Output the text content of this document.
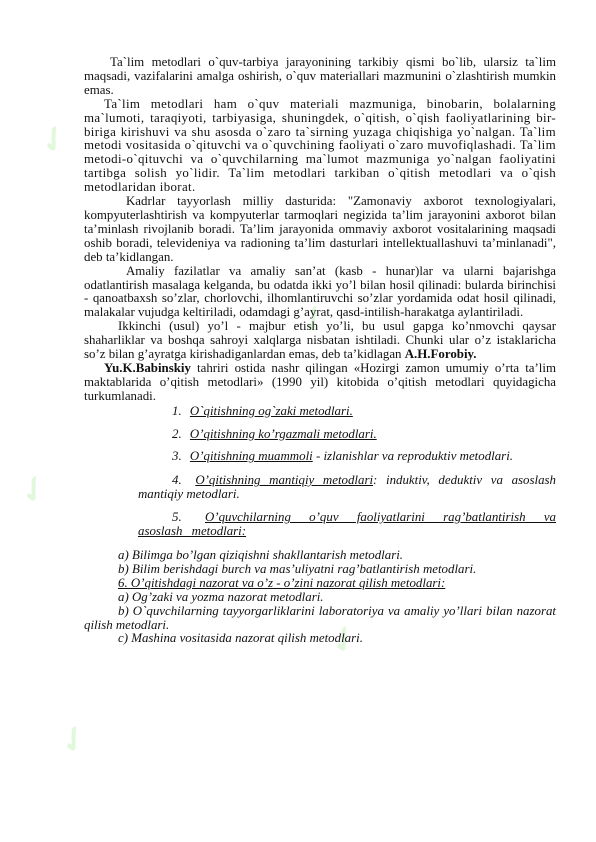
✓
✓
✓
✓
✓

Ta`lim metodlari o`quv-tarbiya jarayonining tarkibiy qismi bo`lib, ularsiz ta`lim maqsadi, vazifalarini amalga oshirish, o`quv materiallari mazmunini o`zlashtirish mumkin emas.

Ta`lim metodlari ham o`quv materiali mazmuniga, binobarin, bolalarning ma`lumoti, taraqiyoti, tarbiyasiga, shuningdek, o`qitish, o`qish faoliyatlarining bir-biriga kirishuvi va shu asosda o`zaro ta`sirning yuzaga chiqishiga yo`nalgan. Ta`lim metodi vositasida o`qituvchi va o`quvchining faoliyati o`zaro muvofiqlashadi. Ta`lim metodi-o`qituvchi va o`quvchilarning ma`lumot mazmuniga yo`nalgan faoliyatini tartibga solish yo`lidir. Ta`lim metodlari tarkiban o`qitish metodlari va o`qish metodlaridan iborat.

Kadrlar tayyorlash milliy dasturida: "Zamonaviy axborot texnologiyalari, kompyuterlashtirish va kompyuterlar tarmoqlari negizida ta’lim jarayonini axborot bilan ta’minlash rivojlanib boradi. Ta’lim jarayonida ommaviy axborot vositalarining maqsadi oshib boradi, televideniya va radioning ta’lim dasturlari intellektuallashuvi ta’minlanadi", deb ta’kidlangan.

Amaliy fazilatlar va amaliy san’at (kasb - hunar)lar va ularni bajarishga odatlantirish masalaga kelganda, bu odatda ikki yo’l bilan hosil qilinadi: bularda birinchisi - qanoatbaxsh so’zlar, chorlovchi, ilhomlantiruvchi so’zlar yordamida odat hosil qilinadi, malakalar vujudga keltiriladi, odamdagi g’ayrat, qasd-intilish-harakatga aylantiriladi.

Ikkinchi (usul) yo’l - majbur etish yo’li, bu usul gapga ko’nmovchi qaysar shaharliklar va boshqa sahroyi xalqlarga nisbatan ishtiladi. Chunki ular o’z istaklaricha so’z bilan g’ayratga kirishadiganlardan emas, deb ta’kidlagan A.H.Forobiy.

Yu.K.Babinskiy tahriri ostida nashr qilingan «Hozirgi zamon umumiy o’rta ta’lim maktablarida o’qitish metodlari» (1990 yil) kitobida o’qitish metodlari quyidagicha turkumlanadi.

1. O`qitishning og`zaki metodlari.
2. O’qitishning ko’rgazmali metodlari.
3. O’qitishning muammoli - izlanishlar va reproduktiv metodlari.
4. O’qitishning mantiqiy metodlari: induktiv, deduktiv va asoslash mantiqiy metodlari.
5. O’quvchilarning o’quv faoliyatlarini rag’batlantirish va asoslash metodlari:

a) Bilimga bo’lgan qiziqishni shakllantarish metodlari.

b) Bilim berishdagi burch va mas’uliyatni rag’batlantirish metodlari.

6. O’qitishdagi nazorat va o’z - o’zini nazorat qilish metodlari:

a) Og’zaki va yozma nazorat metodlari.

b) O`quvchilarning tayyorgarliklarini laboratoriya va amaliy yo’llari bilan nazorat qilish metodlari.

c) Mashina vositasida nazorat qilish metodlari.
